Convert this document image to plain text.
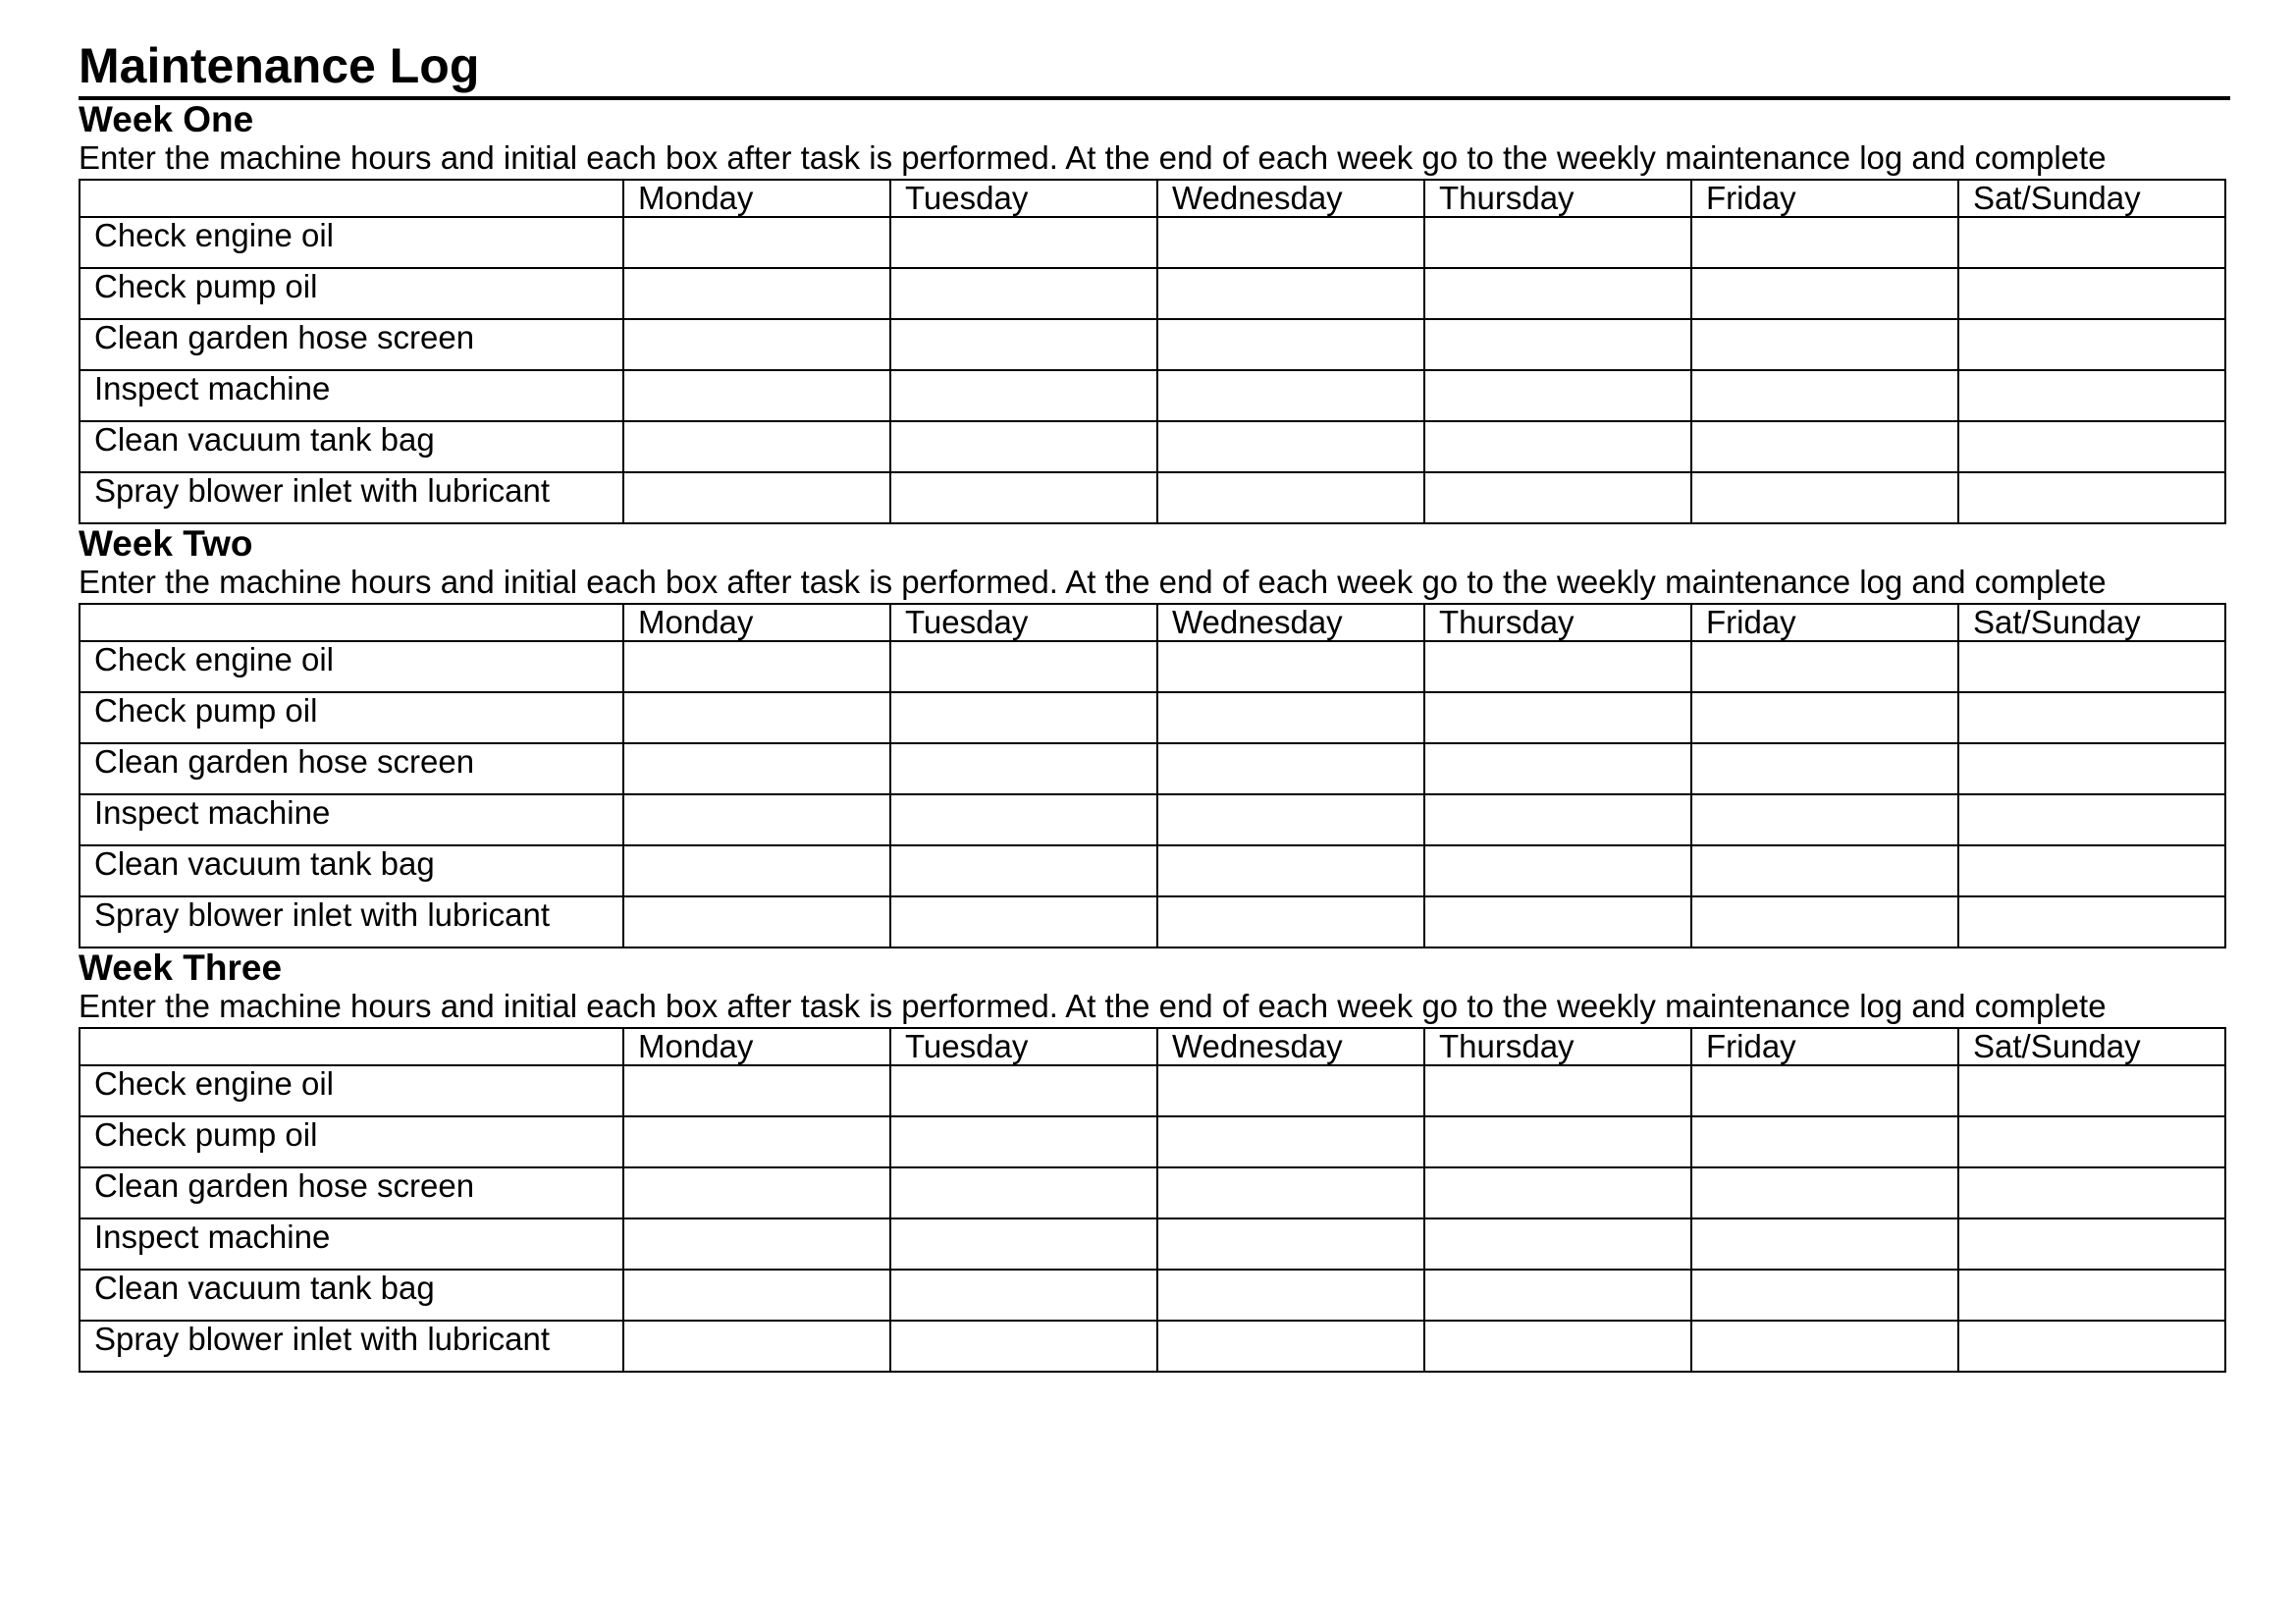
Maintenance Log
Week One

Enter the machine hours and initial each box after task is performed. At the end of each week go to the weekly maintenance log and complete

	Monday	Tuesday	Wednesday	Thursday	Friday	Sat/Sunday
Check engine oil						
Check pump oil						
Clean garden hose screen						
Inspect machine						
Clean vacuum tank bag						
Spray blower inlet with lubricant						
Week Two

Enter the machine hours and initial each box after task is performed. At the end of each week go to the weekly maintenance log and complete

	Monday	Tuesday	Wednesday	Thursday	Friday	Sat/Sunday
Check engine oil						
Check pump oil						
Clean garden hose screen						
Inspect machine						
Clean vacuum tank bag						
Spray blower inlet with lubricant						
Week Three

Enter the machine hours and initial each box after task is performed. At the end of each week go to the weekly maintenance log and complete

	Monday	Tuesday	Wednesday	Thursday	Friday	Sat/Sunday
Check engine oil						
Check pump oil						
Clean garden hose screen						
Inspect machine						
Clean vacuum tank bag						
Spray blower inlet with lubricant						
